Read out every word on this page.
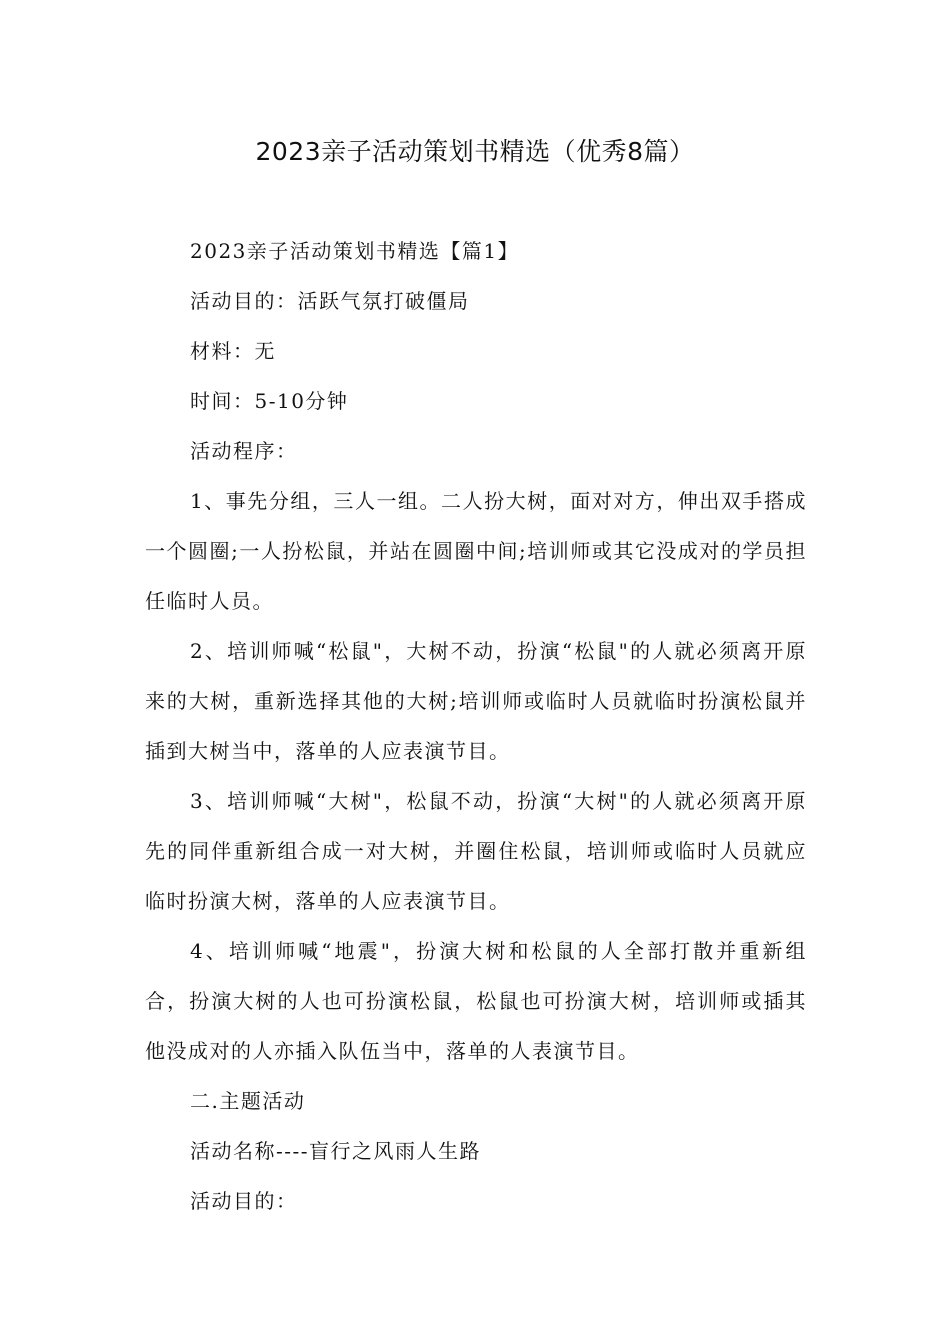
2023亲子活动策划书精选（优秀8篇）

2023亲子活动策划书精选【篇1】

活动目的：活跃气氛打破僵局

材料：无

时间：5-10分钟

活动程序：

1、事先分组，三人一组。二人扮大树，面对对方，伸出双手搭成一个圆圈;一人扮松鼠，并站在圆圈中间;培训师或其它没成对的学员担任临时人员。

2、培训师喊“松鼠"，大树不动，扮演“松鼠"的人就必须离开原来的大树，重新选择其他的大树;培训师或临时人员就临时扮演松鼠并插到大树当中，落单的人应表演节目。

3、培训师喊“大树"，松鼠不动，扮演“大树"的人就必须离开原先的同伴重新组合成一对大树，并圈住松鼠，培训师或临时人员就应临时扮演大树，落单的人应表演节目。

4、培训师喊“地震"，扮演大树和松鼠的人全部打散并重新组合，扮演大树的人也可扮演松鼠，松鼠也可扮演大树，培训师或插其他没成对的人亦插入队伍当中，落单的人表演节目。

二.主题活动

活动名称----盲行之风雨人生路

活动目的：
